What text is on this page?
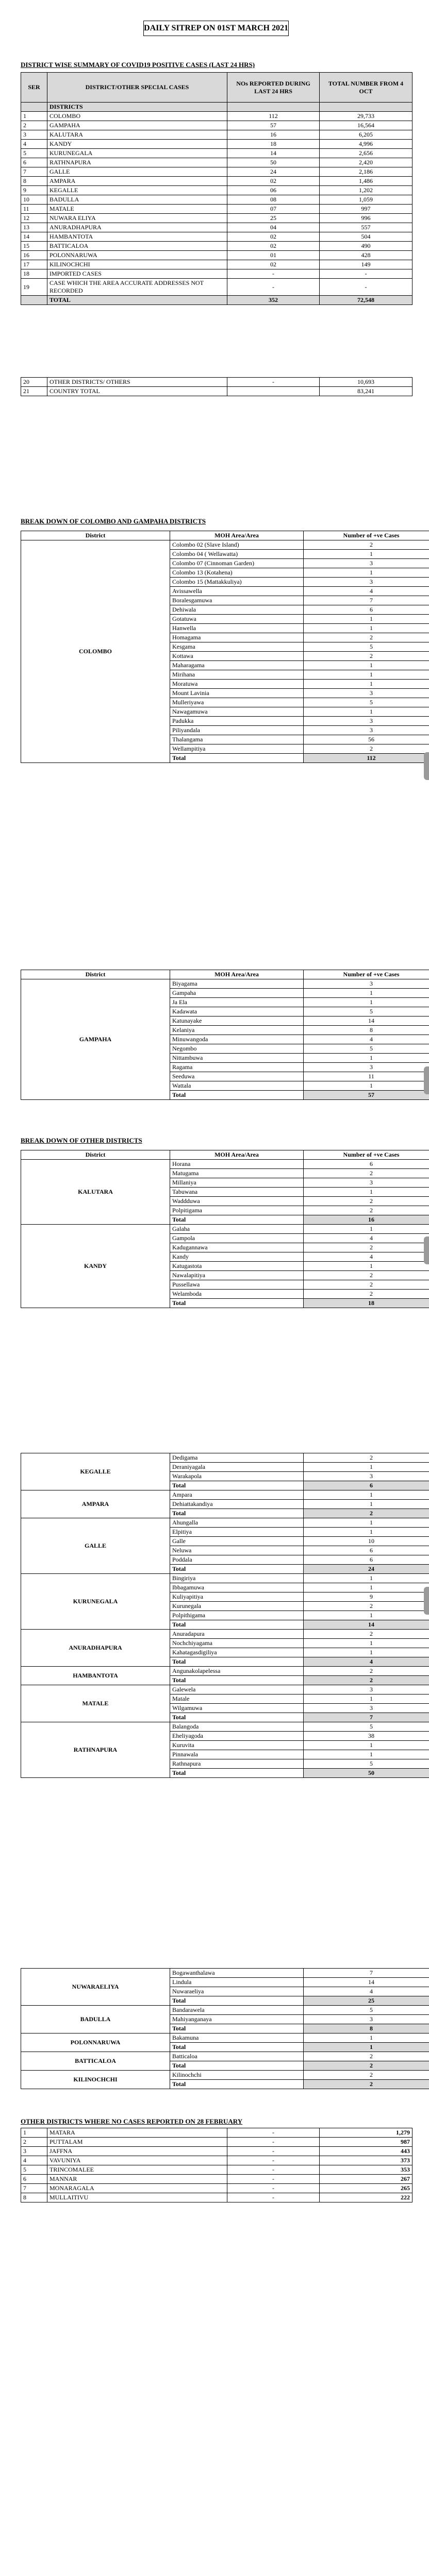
DAILY SITREP ON 01ST MARCH 2021
DISTRICT WISE SUMMARY OF COVID19 POSITIVE CASES (LAST 24 HRS)
SER	DISTRICT/OTHER SPECIAL CASES	NOs REPORTED DURING LAST 24 HRS	TOTAL NUMBER FROM 4 OCT
	DISTRICTS		
1	COLOMBO	112	29,733
2	GAMPAHA	57	16,564
3	KALUTARA	16	6,205
4	KANDY	18	4,996
5	KURUNEGALA	14	2,656
6	RATHNAPURA	50	2,420
7	GALLE	24	2,186
8	AMPARA	02	1,486
9	KEGALLE	06	1,202
10	BADULLA	08	1,059
11	MATALE	07	997
12	NUWARA ELIYA	25	996
13	ANURADHAPURA	04	557
14	HAMBANTOTA	02	504
15	BATTICALOA	02	490
16	POLONNARUWA	01	428
17	KILINOCHCHI	02	149
18	IMPORTED CASES	-	-
19	CASE WHICH THE AREA ACCURATE ADDRESSES NOT RECORDED	-	-
	TOTAL	352	72,548
20	OTHER DISTRICTS/ OTHERS	-	10,693
21	COUNTRY TOTAL		83,241
BREAK DOWN OF COLOMBO AND GAMPAHA DISTRICTS
District	MOH Area/Area	Number of +ve Cases
COLOMBO	Colombo 02 (Slave Island)	2
	Colombo 04 ( Wellawatta)	1
	Colombo 07 (Cinnoman Garden)	3
	Colombo 13 (Kotahena)	1
	Colombo 15 (Mattakkuliya)	3
	Avissawella	4
	Boralesgamuwa	7
	Dehiwala	6
	Gotatuwa	1
	Hanwella	1
	Homagama	2
	Kesgama	5
	Kottawa	2
	Maharagama	1
	Mirihana	1
	Moratuwa	1
	Mount Lavinia	3
	Mulleriyawa	5
	Nawagamuwa	1
	Padukka	3
	Piliyandala	3
	Thalangama	56
	Wellampitiya	2
	Total	112
District	MOH Area/Area	Number of +ve Cases
GAMPAHA	Biyagama	3
	Gampaha	1
	Ja Ela	1
	Kadawata	5
	Katunayake	14
	Kelaniya	8
	Minuwangoda	4
	Negombo	5
	Nittambuwa	1
	Ragama	3
	Seeduwa	11
	Wattala	1
	Total	57
BREAK DOWN OF OTHER DISTRICTS
District	MOH Area/Area	Number of +ve Cases
KALUTARA	Horana	6
	Matugama	2
	Millaniya	3
	Tabuwana	1
	Waddduwa	2
	Polpitigama	2
	Total	16
KANDY	Galaha	1
	Gampola	4
	Kadugannawa	2
	Kandy	4
	Katugastota	1
	Nawalapitiya	2
	Pussellawa	2
	Welambodа	2
	Total	18
KEGALLE	Dedigama	2
	Deraniyagala	1
	Warakapola	3
	Total	6
AMPARA	Ampara	1
	Dehiattakandiya	1
	Total	2
GALLE	Ahungalla	1
	Elpitiya	1
	Galle	10
	Neluwa	6
	Poddala	6
	Total	24
KURUNEGALA	Bingiriya	1
	Ibbagamuwa	1
	Kuliyapitiya	9
	Kurunegala	2
	Polpithigama	1
	Total	14
ANURADHAPURA	Anuradapura	2
	Nochchiyagama	1
	Kahatagasdigiliya	1
	Total	4
HAMBANTOTA	Angunakolapelessa	2
	Total	2
MATALE	Galewela	3
	Matale	1
	Wilgamuwa	3
	Total	7
RATHNAPURA	Balangoda	5
	Eheliyagoda	38
	Kuruvita	1
	Pinnawala	1
	Rathnapura	5
	Total	50
NUWARAELIYA	Bogawanthalawa	7
	Lindula	14
	Nuwaraeliya	4
	Total	25
BADULLA	Bandarawela	5
	Mahiyanganaya	3
	Total	8
POLONNARUWA	Bakamuna	1
	Total	1
BATTICALOA	Batticaloa	2
	Total	2
KILINOCHCHI	Kilinochchi	2
	Total	2
OTHER DISTRICTS WHERE NO CASES REPORTED ON 28 FEBRUARY
1	MATARA	-	1,279
2	PUTTALAM	-	987
3	JAFFNA	-	443
4	VAVUNIYA	-	373
5	TRINCOMALEE	-	353
6	MANNAR	-	267
7	MONARAGALA	-	265
8	MULLAITIVU	-	222
